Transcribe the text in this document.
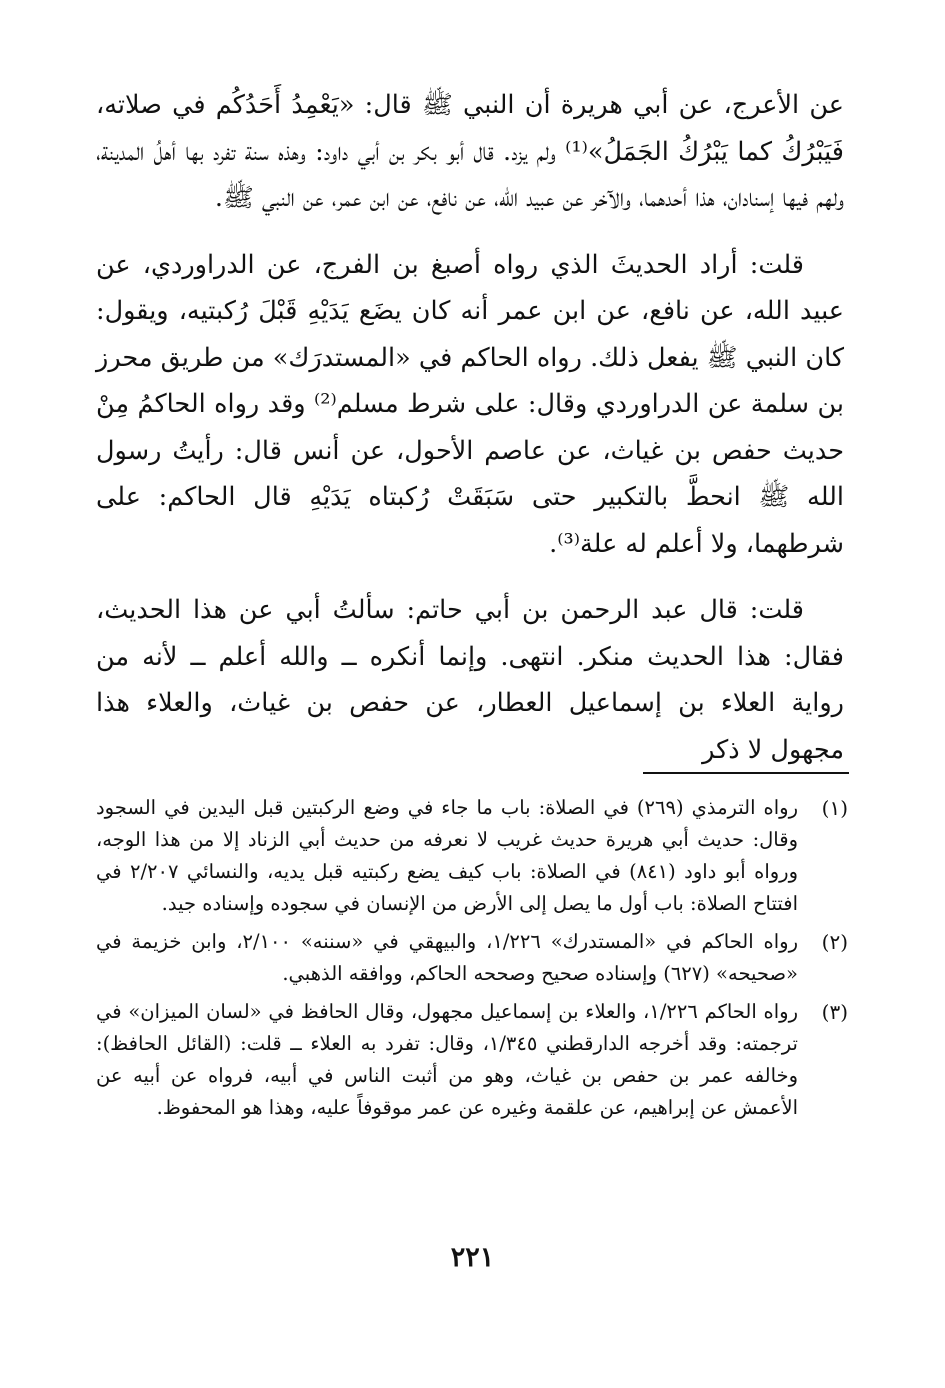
عن الأعرج، عن أبي هريرة أن النبي ﷺ قال: «يَعْمِدُ أَحَدُكُم في صلاته، فَيَبْرُكُ كما يَبْرُكُ الجَمَلُ»⁽¹⁾ ولم يزد. قال أبو بكر بن أبي داود: وهذه سنة تفرد بها أهلُ المدينة، ولهم فيها إسنادان، هذا أحدهما، والآخر عن عبيد الله، عن نافع، عن ابن عمر، عن النبي ﷺ.

قلت: أراد الحديثَ الذي رواه أصبغ بن الفرج، عن الدراوردي، عن عبيد الله، عن نافع، عن ابن عمر أنه كان يضَع يَدَيْهِ قَبْلَ رُكبتيه، ويقول: كان النبي ﷺ يفعل ذلك. رواه الحاكم في «المستدرَك» من طريق محرز بن سلمة عن الدراوردي وقال: على شرط مسلم⁽²⁾ وقد رواه الحاكمُ مِنْ حديث حفص بن غياث، عن عاصم الأحول، عن أنس قال: رأيتُ رسول الله ﷺ انحطَّ بالتكبير حتى سَبَقَتْ رُكبتاه يَدَيْهِ قال الحاكم: على شرطهما، ولا أعلم له علة⁽³⁾.

قلت: قال عبد الرحمن بن أبي حاتم: سألتُ أبي عن هذا الحديث، فقال: هذا الحديث منكر. انتهى. وإنما أنكره ــ والله أعلم ــ لأنه من رواية العلاء بن إسماعيل العطار، عن حفص بن غياث، والعلاء هذا مجهول لا ذكر

(١)
رواه الترمذي (٢٦٩) في الصلاة: باب ما جاء في وضع الركبتين قبل اليدين في السجود وقال: حديث أبي هريرة حديث غريب لا نعرفه من حديث أبي الزناد إلا من هذا الوجه، ورواه أبو داود (٨٤١) في الصلاة: باب كيف يضع ركبتيه قبل يديه، والنسائي ٢/٢٠٧ في افتتاح الصلاة: باب أول ما يصل إلى الأرض من الإنسان في سجوده وإسناده جيد.
(٢)
رواه الحاكم في «المستدرك» ١/٢٢٦، والبيهقي في «سننه» ٢/١٠٠، وابن خزيمة في «صحيحه» (٦٢٧) وإسناده صحيح وصححه الحاكم، ووافقه الذهبي.
(٣)
رواه الحاكم ١/٢٢٦، والعلاء بن إسماعيل مجهول، وقال الحافظ في «لسان الميزان» في ترجمته: وقد أخرجه الدارقطني ١/٣٤٥، وقال: تفرد به العلاء ــ قلت: (القائل الحافظ): وخالفه عمر بن حفص بن غياث، وهو من أثبت الناس في أبيه، فرواه عن أبيه عن الأعمش عن إبراهيم، عن علقمة وغيره عن عمر موقوفاً عليه، وهذا هو المحفوظ.
٢٢١
